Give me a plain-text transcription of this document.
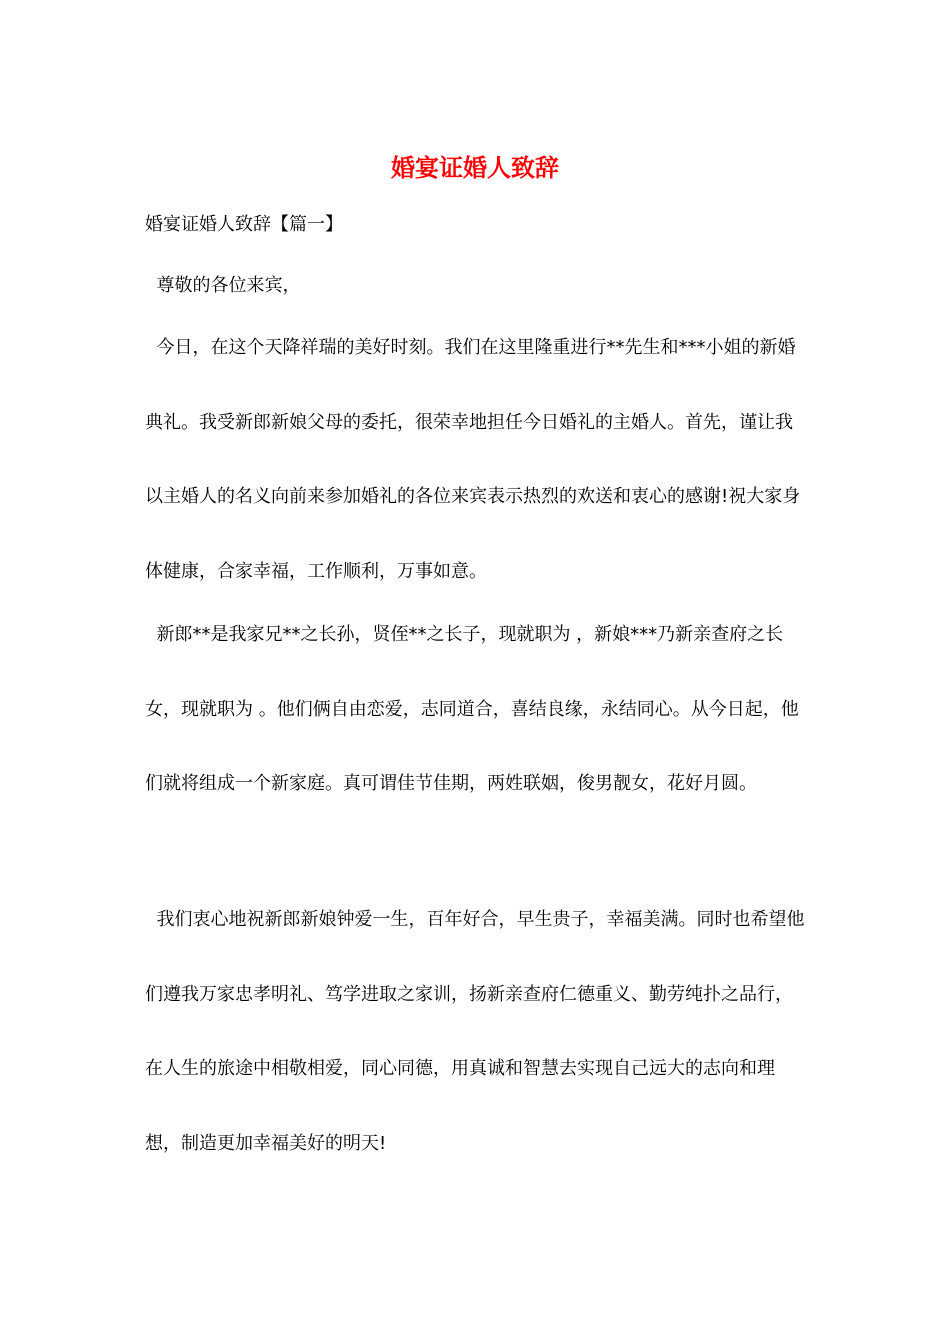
婚宴证婚人致辞

婚宴证婚人致辞【篇一】

尊敬的各位来宾，

今日，在这个天降祥瑞的美好时刻。我们在这里隆重进行**先生和***小姐的新婚典礼。我受新郎新娘父母的委托，很荣幸地担任今日婚礼的主婚人。首先，谨让我以主婚人的名义向前来参加婚礼的各位来宾表示热烈的欢送和衷心的感谢!祝大家身体健康，合家幸福，工作顺利，万事如意。

新郎**是我家兄**之长孙，贤侄**之长子，现就职为 ，新娘***乃新亲查府之长女，现就职为 。他们俩自由恋爱，志同道合，喜结良缘，永结同心。从今日起，他们就将组成一个新家庭。真可谓佳节佳期，两姓联姻，俊男靓女，花好月圆。

我们衷心地祝新郎新娘钟爱一生，百年好合，早生贵子，幸福美满。同时也希望他们遵我万家忠孝明礼、笃学进取之家训，扬新亲查府仁德重义、勤劳纯扑之品行，在人生的旅途中相敬相爱，同心同德，用真诚和智慧去实现自己远大的志向和理想，制造更加幸福美好的明天!
